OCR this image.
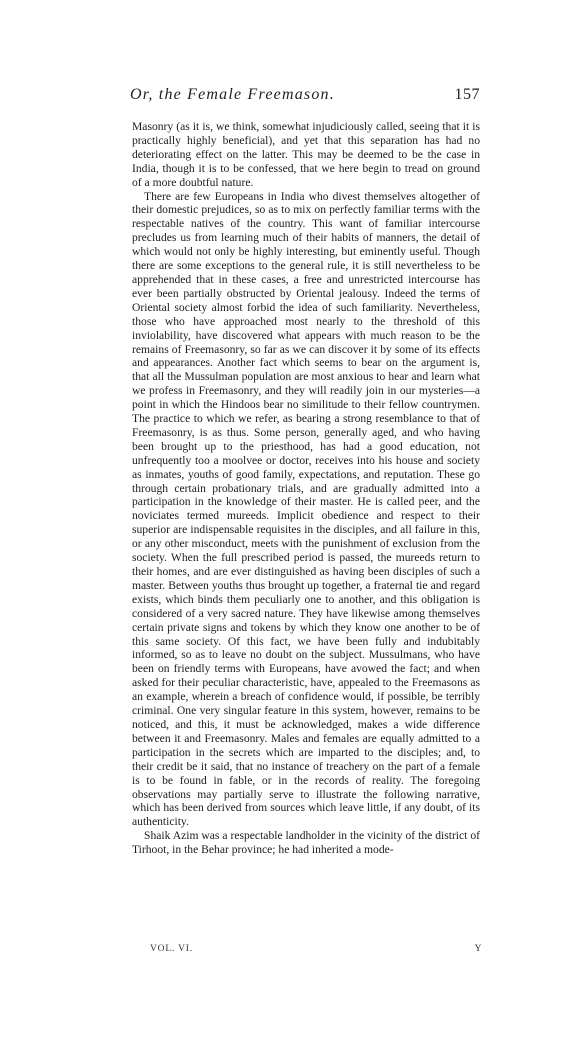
Or, the Female Freemason.	157

Masonry (as it is, we think, somewhat injudiciously called, seeing that it is practically highly beneficial), and yet that this separation has had no deteriorating effect on the latter. This may be deemed to be the case in India, though it is to be confessed, that we here begin to tread on ground of a more doubtful nature.

There are few Europeans in India who divest themselves altogether of their domestic prejudices, so as to mix on perfectly familiar terms with the respectable natives of the country. This want of familiar intercourse precludes us from learning much of their habits of manners, the detail of which would not only be highly interesting, but eminently useful. Though there are some exceptions to the general rule, it is still nevertheless to be apprehended that in these cases, a free and unrestricted intercourse has ever been partially obstructed by Oriental jealousy. Indeed the terms of Oriental society almost forbid the idea of such familiarity. Nevertheless, those who have approached most nearly to the threshold of this inviolability, have discovered what appears with much reason to be the remains of Freemasonry, so far as we can discover it by some of its effects and appearances. Another fact which seems to bear on the argument is, that all the Mussulman population are most anxious to hear and learn what we profess in Freemasonry, and they will readily join in our mysteries—a point in which the Hindoos bear no similitude to their fellow countrymen. The practice to which we refer, as bearing a strong resemblance to that of Freemasonry, is as thus. Some person, generally aged, and who having been brought up to the priesthood, has had a good education, not unfrequently too a moolvee or doctor, receives into his house and society as inmates, youths of good family, expectations, and reputation. These go through certain probationary trials, and are gradually admitted into a participation in the knowledge of their master. He is called peer, and the noviciates termed mureeds. Implicit obedience and respect to their superior are indispensable requisites in the disciples, and all failure in this, or any other misconduct, meets with the punishment of exclusion from the society. When the full prescribed period is passed, the mureeds return to their homes, and are ever distinguished as having been disciples of such a master. Between youths thus brought up together, a fraternal tie and regard exists, which binds them peculiarly one to another, and this obligation is considered of a very sacred nature. They have likewise among themselves certain private signs and tokens by which they know one another to be of this same society. Of this fact, we have been fully and indubitably informed, so as to leave no doubt on the subject. Mussulmans, who have been on friendly terms with Europeans, have avowed the fact; and when asked for their peculiar characteristic, have, appealed to the Freemasons as an example, wherein a breach of confidence would, if possible, be terribly criminal. One very singular feature in this system, however, remains to be noticed, and this, it must be acknowledged, makes a wide difference between it and Freemasonry. Males and females are equally admitted to a participation in the secrets which are imparted to the disciples; and, to their credit be it said, that no instance of treachery on the part of a female is to be found in fable, or in the records of reality. The foregoing observations may partially serve to illustrate the following narrative, which has been derived from sources which leave little, if any doubt, of its authenticity.

Shaik Azim was a respectable landholder in the vicinity of the district of Tirhoot, in the Behar province; he had inherited a mode-

VOL. VI.	Y
